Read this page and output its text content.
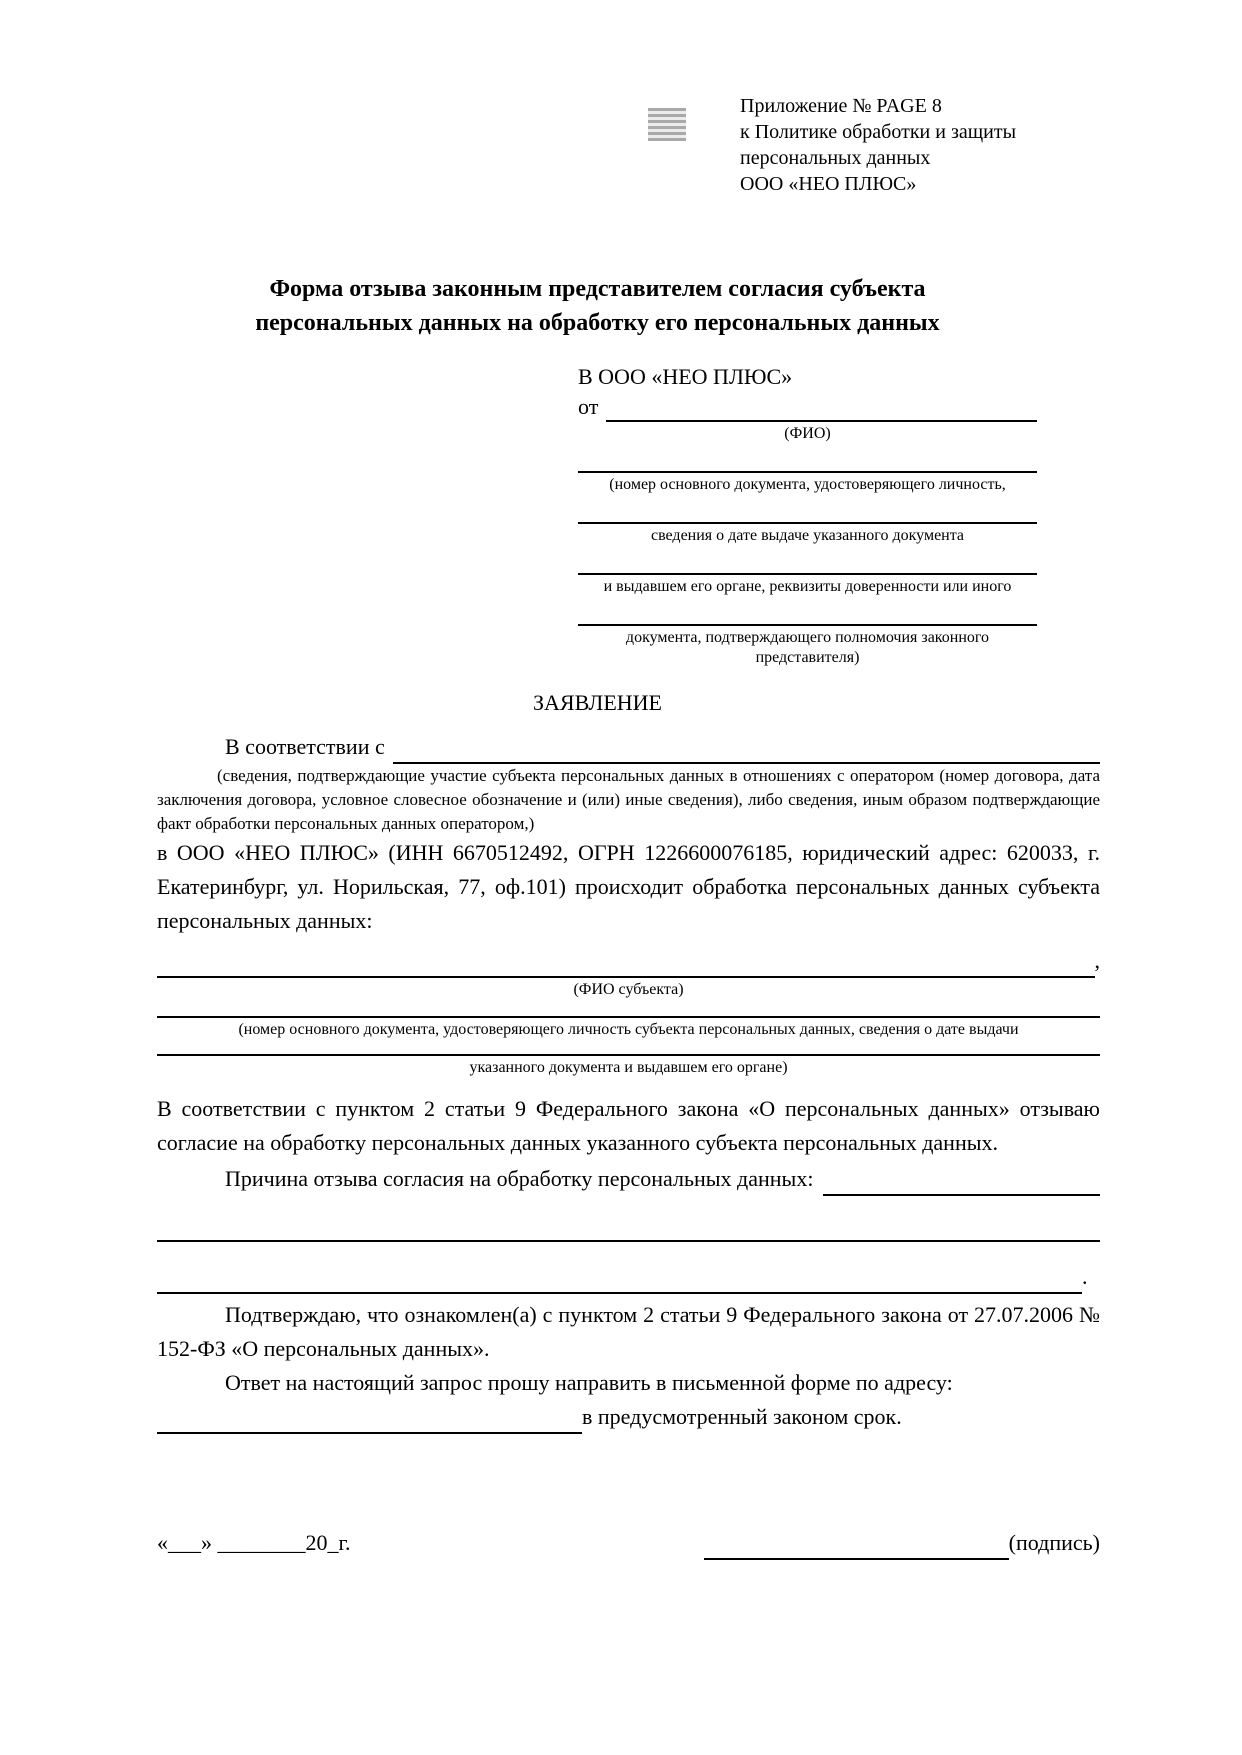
Приложение № PAGE 8
к Политике обработки и защиты
персональных данных
ООО «НЕО ПЛЮС»
Форма отзыва законным представителем согласия субъекта
персональных данных на обработку его персональных данных
В ООО «НЕО ПЛЮС»
от
(ФИО)
(номер основного документа, удостоверяющего личность,
сведения о дате выдаче указанного документа
и выдавшем его органе, реквизиты доверенности или иного
документа, подтверждающего полномочия законного представителя)
ЗАЯВЛЕНИЕ
В соответствии с
(сведения, подтверждающие участие субъекта персональных данных в отношениях с оператором (номер договора, дата заключения договора, условное словесное обозначение и (или) иные сведения), либо сведения, иным образом подтверждающие факт обработки персональных данных оператором,)
в ООО «НЕО ПЛЮС» (ИНН 6670512492, ОГРН 1226600076185, юридический адрес: 620033, г. Екатеринбург, ул. Норильская, 77, оф.101) происходит обработка персональных данных субъекта персональных данных:
,
(ФИО субъекта)
(номер основного документа, удостоверяющего личность субъекта персональных данных, сведения о дате выдачи
указанного документа и выдавшем его органе)
В соответствии с пунктом 2 статьи 9 Федерального закона «О персональных данных» отзываю согласие на обработку персональных данных указанного субъекта персональных данных.
Причина отзыва согласия на обработку персональных данных:
.
Подтверждаю, что ознакомлен(а) с пунктом 2 статьи 9 Федерального закона от 27.07.2006 № 152-ФЗ «О персональных данных».
Ответ на настоящий запрос прошу направить в письменной форме по адресу:
в предусмотренный законом срок.
«___» ________20_г.	(подпись)
